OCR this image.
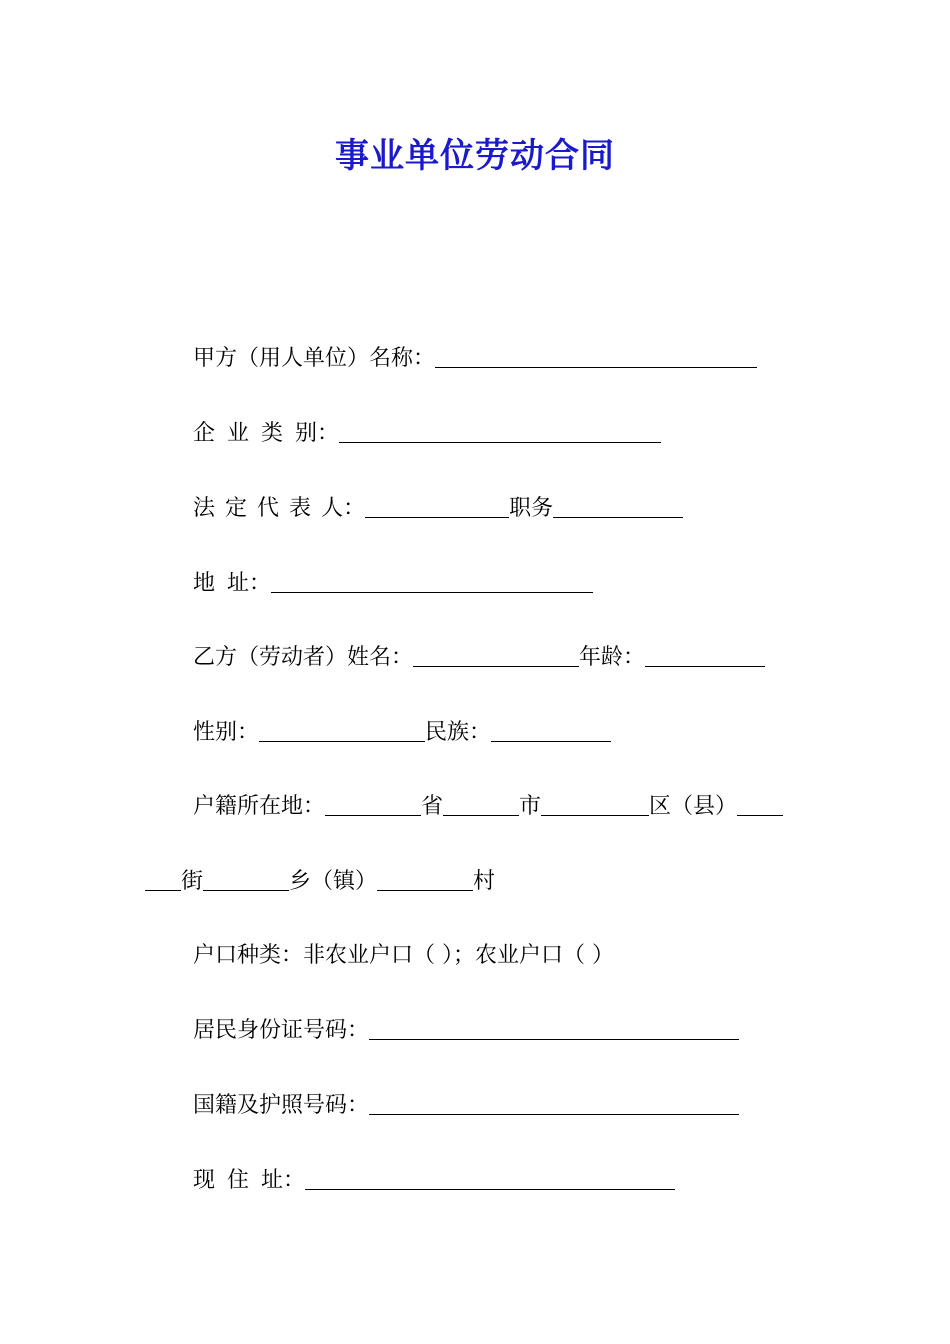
事业单位劳动合同
甲方（用人单位）名称：
企 业 类 别：
法 定 代 表 人：	职务
地 址：
乙方（劳动者）姓名：	年龄：
性别：	民族：
户籍所在地：	省	市	区（县）
街	乡（镇）	村
户口种类：非农业户口（ ）；农业户口（ ）
居民身份证号码：
国籍及护照号码：
现 住 址：
